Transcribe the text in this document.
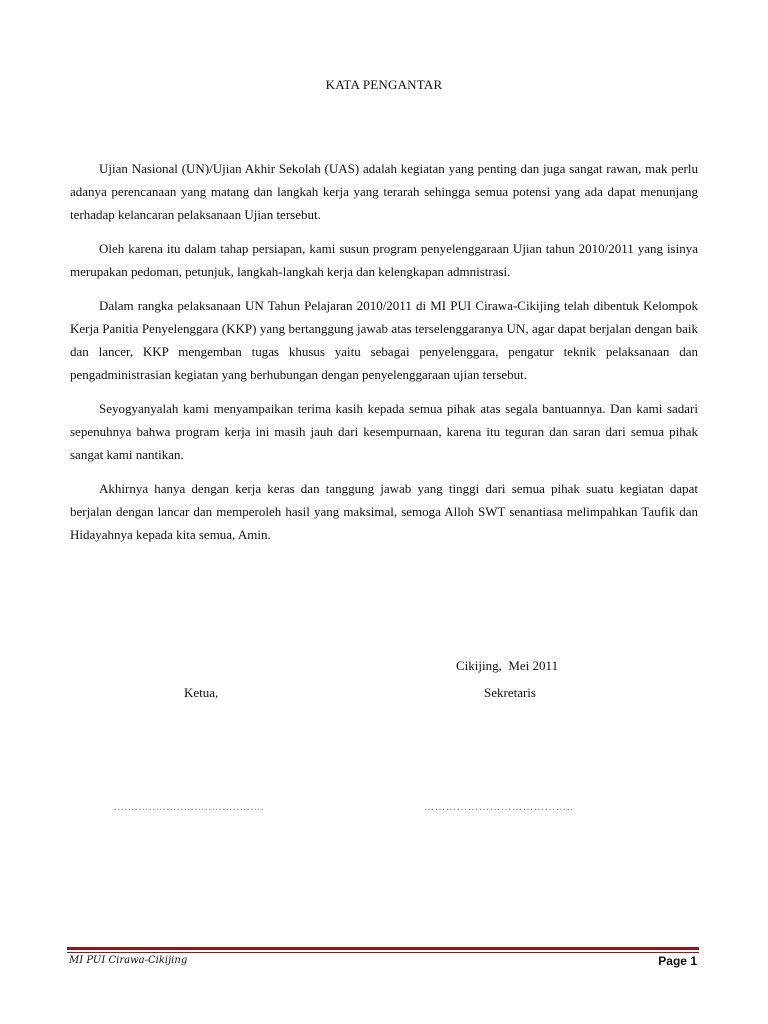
KATA PENGANTAR

Ujian Nasional (UN)/Ujian Akhir Sekolah (UAS) adalah kegiatan yang penting dan juga sangat rawan, mak perlu adanya perencanaan yang matang dan langkah kerja yang terarah sehingga semua potensi yang ada dapat menunjang terhadap kelancaran pelaksanaan Ujian tersebut.

Oleh karena itu dalam tahap persiapan, kami susun program penyelenggaraan Ujian tahun 2010/2011 yang isinya merupakan pedoman, petunjuk, langkah-langkah kerja dan kelengkapan admnistrasi.

Dalam rangka pelaksanaan UN Tahun Pelajaran 2010/2011 di MI PUI Cirawa-Cikijing telah dibentuk Kelompok Kerja Panitia Penyelenggara (KKP) yang bertanggung jawab atas terselenggaranya UN, agar dapat berjalan dengan baik dan lancer, KKP mengemban tugas khusus yaitu sebagai penyelenggara, pengatur teknik pelaksanaan dan pengadministrasian kegiatan yang berhubungan dengan penyelenggaraan ujian tersebut.

Seyogyanyalah kami menyampaikan terima kasih kepada semua pihak atas segala bantuannya. Dan kami sadari sepenuhnya bahwa program kerja ini masih jauh dari kesempurnaan, karena itu teguran dan saran dari semua pihak sangat kami nantikan.

Akhirnya hanya dengan kerja keras dan tanggung jawab yang tinggi dari semua pihak suatu kegiatan dapat berjalan dengan lancar dan memperoleh hasil yang maksimal, semoga Alloh SWT senantiasa melimpahkan Taufik dan Hidayahnya kepada kita semua, Amin.

Cikijing,  Mei 2011
Ketua,	Sekretaris
...........................................	…………………………………..
MI PUI Cirawa-Cikijing	Page 1
